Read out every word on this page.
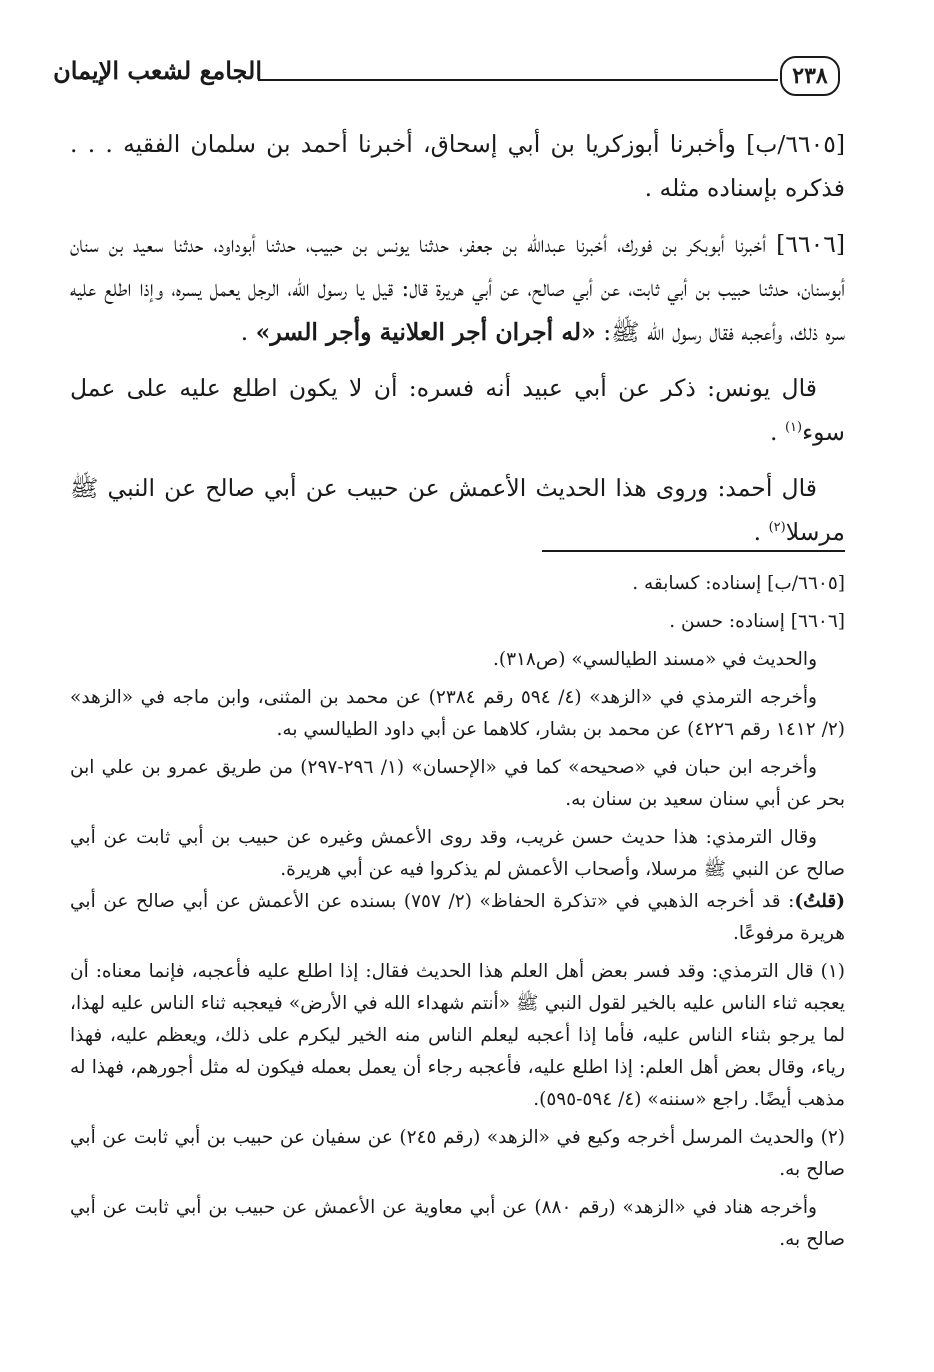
الجامع لشعب الإيمان	٢٣٨

[٦٦٠٥/ب] وأخبرنا أبوزكريا بن أبي إسحاق، أخبرنا أحمد بن سلمان الفقيه . . . فذكره بإسناده مثله .

[٦٦٠٦] أخبرنا أبوبكر بن فورك، أخبرنا عبدالله بن جعفر، حدثنا يونس بن حبيب، حدثنا أبوداود، حدثنا سعيد بن سنان أبوسنان، حدثنا حبيب بن أبي ثابت، عن أبي صالح، عن أبي هريرة قال: قيل يا رسول الله، الرجل يعمل يسره، وإذا اطلع عليه سره ذلك، وأعجبه فقال رسول الله ﷺ: «له أجران أجر العلانية وأجر السر» .

قال يونس: ذكر عن أبي عبيد أنه فسره: أن لا يكون اطلع عليه على عمل سوء$^{(١)}$ .

قال أحمد: وروى هذا الحديث الأعمش عن حبيب عن أبي صالح عن النبي ﷺ مرسلا$^{(٢)}$ .

[٦٦٠٥/ب] إسناده: كسابقه .

[٦٦٠٦] إسناده: حسن .

والحديث في «مسند الطيالسي» (ص٣١٨).

وأخرجه الترمذي في «الزهد» (٤/ ٥٩٤ رقم ٢٣٨٤) عن محمد بن المثنى، وابن ماجه في «الزهد» (٢/ ١٤١٢ رقم ٤٢٢٦) عن محمد بن بشار، كلاهما عن أبي داود الطيالسي به.

وأخرجه ابن حبان في «صحيحه» كما في «الإحسان» (١/ ٢٩٦-٢٩٧) من طريق عمرو بن علي ابن بحر عن أبي سنان سعيد بن سنان به.

وقال الترمذي: هذا حديث حسن غريب، وقد روى الأعمش وغيره عن حبيب بن أبي ثابت عن أبي صالح عن النبي ﷺ مرسلا، وأصحاب الأعمش لم يذكروا فيه عن أبي هريرة.

(قلتُ): قد أخرجه الذهبي في «تذكرة الحفاظ» (٢/ ٧٥٧) بسنده عن الأعمش عن أبي صالح عن أبي هريرة مرفوعًا.

(١) قال الترمذي: وقد فسر بعض أهل العلم هذا الحديث فقال: إذا اطلع عليه فأعجبه، فإنما معناه: أن يعجبه ثناء الناس عليه بالخير لقول النبي ﷺ «أنتم شهداء الله في الأرض» فيعجبه ثناء الناس عليه لهذا، لما يرجو بثناء الناس عليه، فأما إذا أعجبه ليعلم الناس منه الخير ليكرم على ذلك، ويعظم عليه، فهذا رياء، وقال بعض أهل العلم: إذا اطلع عليه، فأعجبه رجاء أن يعمل بعمله فيكون له مثل أجورهم، فهذا له مذهب أيضًا. راجع «سننه» (٤/ ٥٩٤-٥٩٥).

(٢) والحديث المرسل أخرجه وكيع في «الزهد» (رقم ٢٤٥) عن سفيان عن حبيب بن أبي ثابت عن أبي صالح به.

وأخرجه هناد في «الزهد» (رقم ٨٨٠) عن أبي معاوية عن الأعمش عن حبيب بن أبي ثابت عن أبي صالح به.
